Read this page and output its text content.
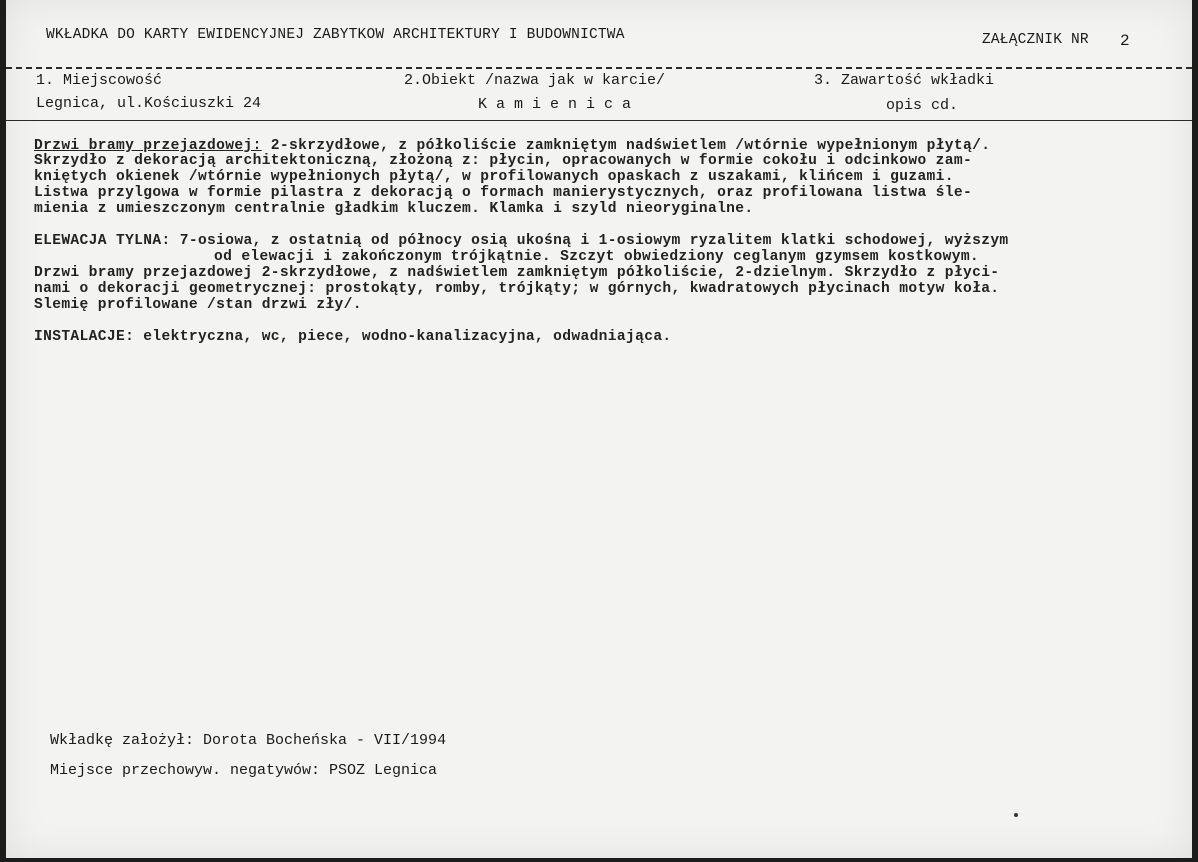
WKŁADKA DO KARTY EWIDENCYJNEJ ZABYTKOW ARCHITEKTURY I BUDOWNICTWA	ZAŁĄCZNIK NR 2
1. Miejscowość	2.Obiekt /nazwa jak w karcie/	3. Zawartość wkładki
Legnica, ul.Kościuszki 24	K a m i e n i c a	opis cd.
Drzwi bramy przejazdowej: 2-skrzydłowe, z półkoliście zamkniętym nadświetlem /wtórnie wypełnionym płytą/.
Skrzydło z dekoracją architektoniczną, złożoną z: płycin, opracowanych w formie cokołu i odcinkowo zam-
kniętych okienek /wtórnie wypełnionych płytą/, w profilowanych opaskach z uszakami, klińcem i guzami.
Listwa przylgowa w formie pilastra z dekoracją o formach manierystycznych, oraz profilowana listwa śle-
mienia z umieszczonym centralnie gładkim kluczem. Klamka i szyld nieoryginalne.
ELEWACJA TYLNA: 7-osiowa, z ostatnią od północy osią ukośną i 1-osiowym ryzalitem klatki schodowej, wyższym
od elewacji i zakończonym trójkątnie. Szczyt obwiedziony ceglanym gzymsem kostkowym.
Drzwi bramy przejazdowej 2-skrzydłowe, z nadświetlem zamkniętym półkoliście, 2-dzielnym. Skrzydło z płyci-
nami o dekoracji geometrycznej: prostokąty, romby, trójkąty; w górnych, kwadratowych płycinach motyw koła.
Slemię profilowane /stan drzwi zły/.
INSTALACJE: elektryczna, wc, piece, wodno-kanalizacyjna, odwadniająca.
Wkładkę założył: Dorota Bocheńska - VII/1994
Miejsce przechowyw. negatywów: PSOZ Legnica
